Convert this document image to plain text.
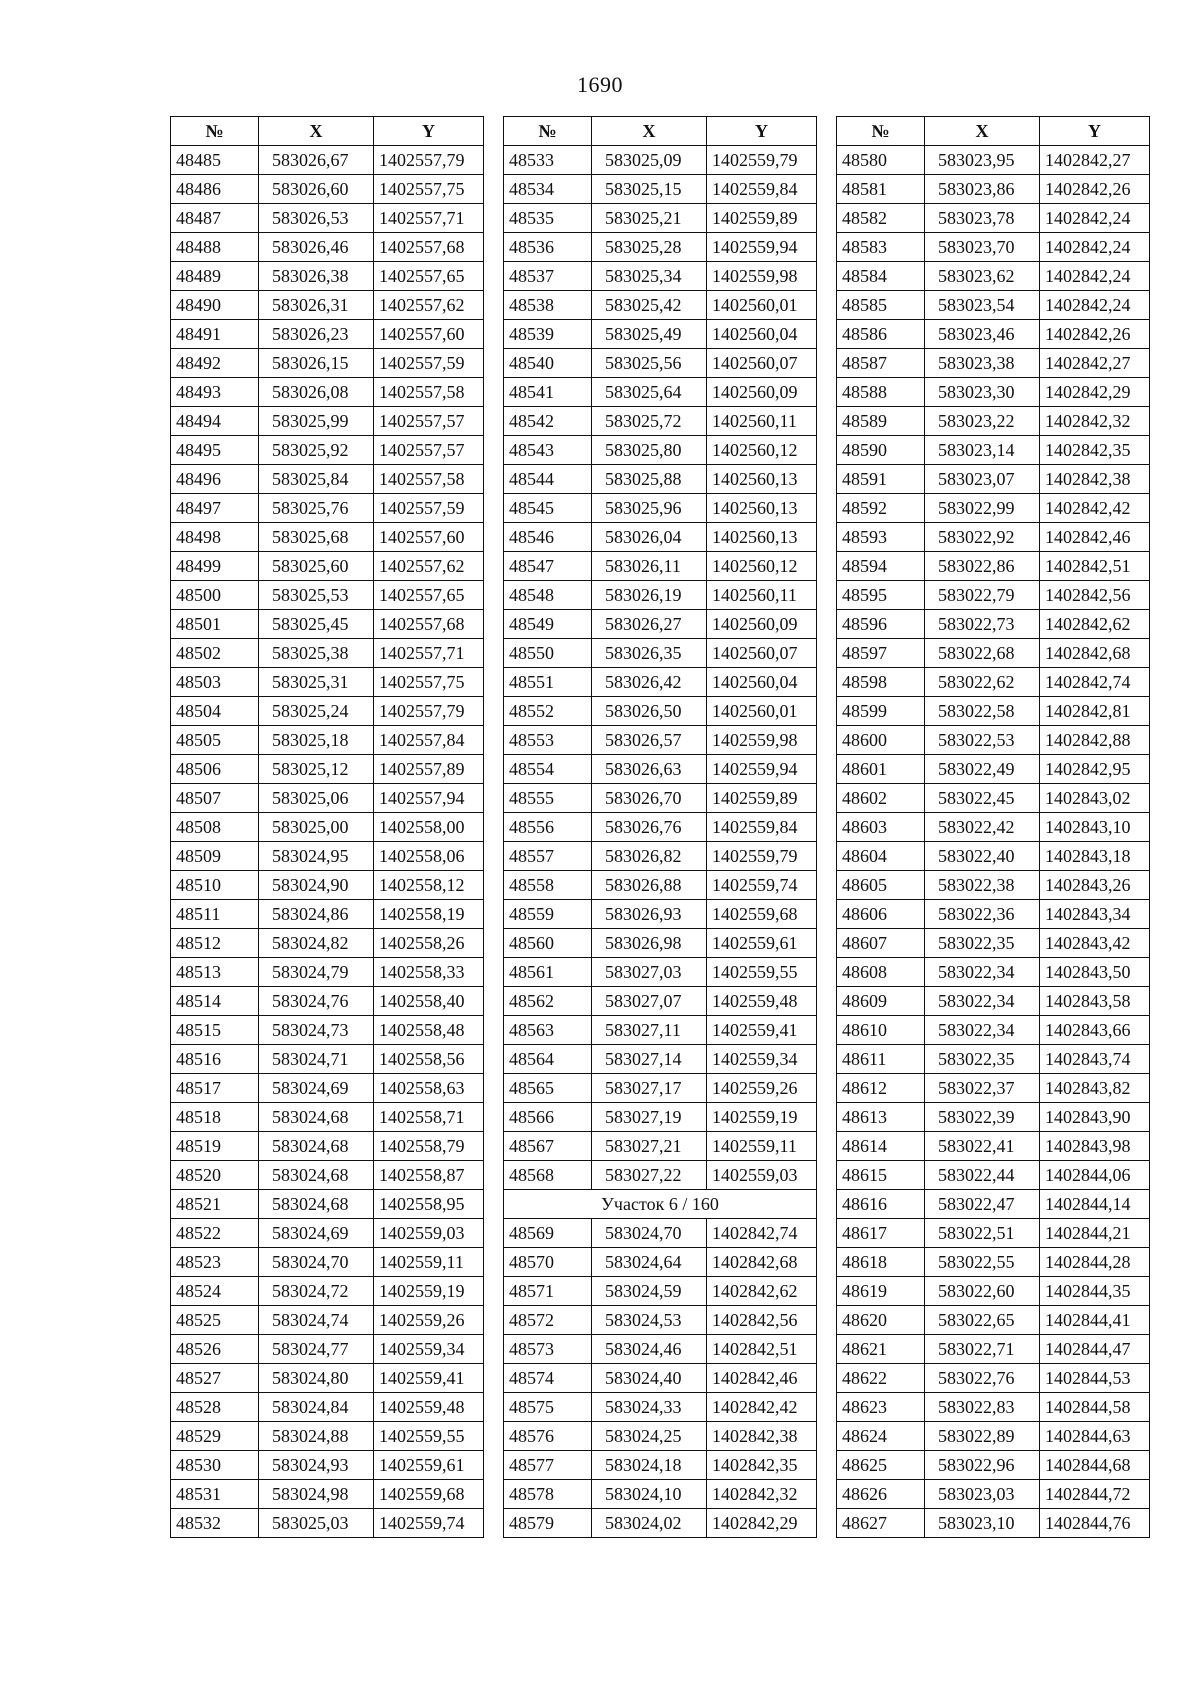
1690
№	X	Y
48485	583026,67	1402557,79
48486	583026,60	1402557,75
48487	583026,53	1402557,71
48488	583026,46	1402557,68
48489	583026,38	1402557,65
48490	583026,31	1402557,62
48491	583026,23	1402557,60
48492	583026,15	1402557,59
48493	583026,08	1402557,58
48494	583025,99	1402557,57
48495	583025,92	1402557,57
48496	583025,84	1402557,58
48497	583025,76	1402557,59
48498	583025,68	1402557,60
48499	583025,60	1402557,62
48500	583025,53	1402557,65
48501	583025,45	1402557,68
48502	583025,38	1402557,71
48503	583025,31	1402557,75
48504	583025,24	1402557,79
48505	583025,18	1402557,84
48506	583025,12	1402557,89
48507	583025,06	1402557,94
48508	583025,00	1402558,00
48509	583024,95	1402558,06
48510	583024,90	1402558,12
48511	583024,86	1402558,19
48512	583024,82	1402558,26
48513	583024,79	1402558,33
48514	583024,76	1402558,40
48515	583024,73	1402558,48
48516	583024,71	1402558,56
48517	583024,69	1402558,63
48518	583024,68	1402558,71
48519	583024,68	1402558,79
48520	583024,68	1402558,87
48521	583024,68	1402558,95
48522	583024,69	1402559,03
48523	583024,70	1402559,11
48524	583024,72	1402559,19
48525	583024,74	1402559,26
48526	583024,77	1402559,34
48527	583024,80	1402559,41
48528	583024,84	1402559,48
48529	583024,88	1402559,55
48530	583024,93	1402559,61
48531	583024,98	1402559,68
48532	583025,03	1402559,74
№	X	Y
48533	583025,09	1402559,79
48534	583025,15	1402559,84
48535	583025,21	1402559,89
48536	583025,28	1402559,94
48537	583025,34	1402559,98
48538	583025,42	1402560,01
48539	583025,49	1402560,04
48540	583025,56	1402560,07
48541	583025,64	1402560,09
48542	583025,72	1402560,11
48543	583025,80	1402560,12
48544	583025,88	1402560,13
48545	583025,96	1402560,13
48546	583026,04	1402560,13
48547	583026,11	1402560,12
48548	583026,19	1402560,11
48549	583026,27	1402560,09
48550	583026,35	1402560,07
48551	583026,42	1402560,04
48552	583026,50	1402560,01
48553	583026,57	1402559,98
48554	583026,63	1402559,94
48555	583026,70	1402559,89
48556	583026,76	1402559,84
48557	583026,82	1402559,79
48558	583026,88	1402559,74
48559	583026,93	1402559,68
48560	583026,98	1402559,61
48561	583027,03	1402559,55
48562	583027,07	1402559,48
48563	583027,11	1402559,41
48564	583027,14	1402559,34
48565	583027,17	1402559,26
48566	583027,19	1402559,19
48567	583027,21	1402559,11
48568	583027,22	1402559,03
Участок 6 / 160		
48569	583024,70	1402842,74
48570	583024,64	1402842,68
48571	583024,59	1402842,62
48572	583024,53	1402842,56
48573	583024,46	1402842,51
48574	583024,40	1402842,46
48575	583024,33	1402842,42
48576	583024,25	1402842,38
48577	583024,18	1402842,35
48578	583024,10	1402842,32
48579	583024,02	1402842,29
№	X	Y
48580	583023,95	1402842,27
48581	583023,86	1402842,26
48582	583023,78	1402842,24
48583	583023,70	1402842,24
48584	583023,62	1402842,24
48585	583023,54	1402842,24
48586	583023,46	1402842,26
48587	583023,38	1402842,27
48588	583023,30	1402842,29
48589	583023,22	1402842,32
48590	583023,14	1402842,35
48591	583023,07	1402842,38
48592	583022,99	1402842,42
48593	583022,92	1402842,46
48594	583022,86	1402842,51
48595	583022,79	1402842,56
48596	583022,73	1402842,62
48597	583022,68	1402842,68
48598	583022,62	1402842,74
48599	583022,58	1402842,81
48600	583022,53	1402842,88
48601	583022,49	1402842,95
48602	583022,45	1402843,02
48603	583022,42	1402843,10
48604	583022,40	1402843,18
48605	583022,38	1402843,26
48606	583022,36	1402843,34
48607	583022,35	1402843,42
48608	583022,34	1402843,50
48609	583022,34	1402843,58
48610	583022,34	1402843,66
48611	583022,35	1402843,74
48612	583022,37	1402843,82
48613	583022,39	1402843,90
48614	583022,41	1402843,98
48615	583022,44	1402844,06
48616	583022,47	1402844,14
48617	583022,51	1402844,21
48618	583022,55	1402844,28
48619	583022,60	1402844,35
48620	583022,65	1402844,41
48621	583022,71	1402844,47
48622	583022,76	1402844,53
48623	583022,83	1402844,58
48624	583022,89	1402844,63
48625	583022,96	1402844,68
48626	583023,03	1402844,72
48627	583023,10	1402844,76
